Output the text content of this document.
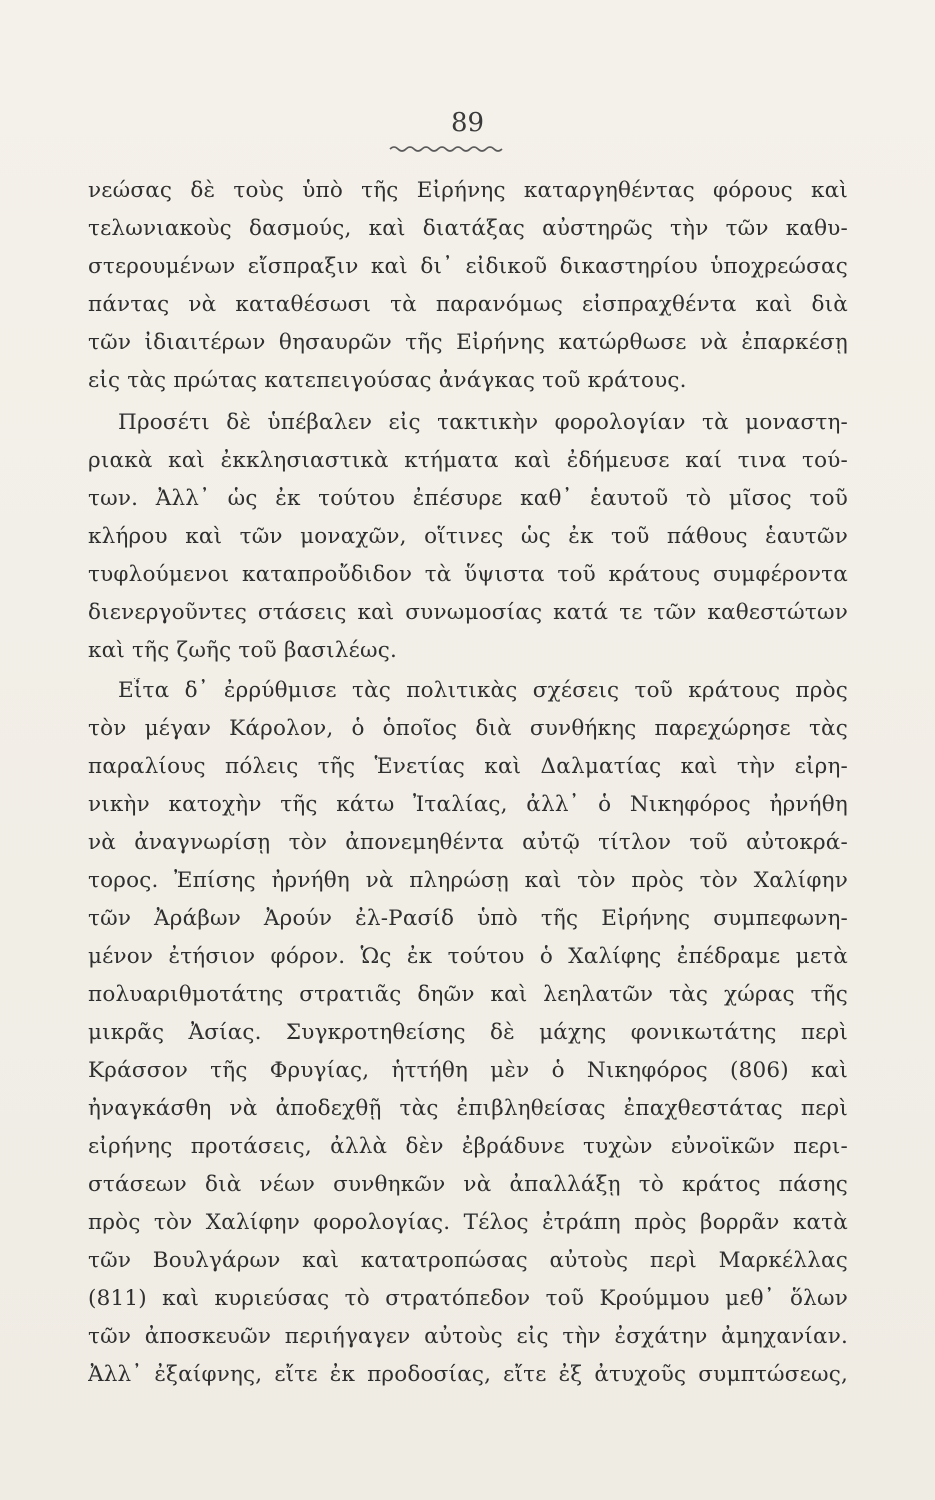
89
νεώσας δὲ τοὺς ὑπὸ τῆς Εἰρήνης καταργηθέντας φόρους καὶ
τελωνιακοὺς δασμούς, καὶ διατάξας αὐστηρῶς τὴν τῶν καθυ-
στερουμένων εἴσπραξιν καὶ δι᾽ εἰδικοῦ δικαστηρίου ὑποχρεώσας
πάντας νὰ καταθέσωσι τὰ παρανόμως εἰσπραχθέντα καὶ διὰ
τῶν ἰδιαιτέρων θησαυρῶν τῆς Εἰρήνης κατώρθωσε νὰ ἐπαρκέσῃ
εἰς τὰς πρώτας κατεπειγούσας ἀνάγκας τοῦ κράτους.
Προσέτι δὲ ὑπέβαλεν εἰς τακτικὴν φορολογίαν τὰ μοναστη-
ριακὰ καὶ ἐκκλησιαστικὰ κτήματα καὶ ἐδήμευσε καί τινα τού-
των. Ἀλλ᾽ ὡς ἐκ τούτου ἐπέσυρε καθ᾽ ἑαυτοῦ τὸ μῖσος τοῦ
κλήρου καὶ τῶν μοναχῶν, οἵτινες ὡς ἐκ τοῦ πάθους ἑαυτῶν
τυφλούμενοι καταπροὔδιδον τὰ ὕψιστα τοῦ κράτους συμφέροντα
διενεργοῦντες στάσεις καὶ συνωμοσίας κατά τε τῶν καθεστώτων
καὶ τῆς ζωῆς τοῦ βασιλέως.
Εἶτα δ᾽ ἐρρύθμισε τὰς πολιτικὰς σχέσεις τοῦ κράτους πρὸς
τὸν μέγαν Κάρολον, ὁ ὁποῖος διὰ συνθήκης παρεχώρησε τὰς
παραλίους πόλεις τῆς Ἑνετίας καὶ Δαλματίας καὶ τὴν εἰρη-
νικὴν κατοχὴν τῆς κάτω Ἰταλίας, ἀλλ᾽ ὁ Νικηφόρος ἠρνήθη
νὰ ἀναγνωρίσῃ τὸν ἀπονεμηθέντα αὐτῷ τίτλον τοῦ αὐτοκρά-
τορος. Ἐπίσης ἠρνήθη νὰ πληρώσῃ καὶ τὸν πρὸς τὸν Χαλίφην
τῶν Ἀράβων Ἀρούν ἐλ-Ρασίδ ὑπὸ τῆς Εἰρήνης συμπεφωνη-
μένον ἐτήσιον φόρον. Ὡς ἐκ τούτου ὁ Χαλίφης ἐπέδραμε μετὰ
πολυαριθμοτάτης στρατιᾶς δηῶν καὶ λεηλατῶν τὰς χώρας τῆς
μικρᾶς Ἀσίας. Συγκροτηθείσης δὲ μάχης φονικωτάτης περὶ
Κράσσον τῆς Φρυγίας, ἡττήθη μὲν ὁ Νικηφόρος (806) καὶ
ἠναγκάσθη νὰ ἀποδεχθῇ τὰς ἐπιβληθείσας ἐπαχθεστάτας περὶ
εἰρήνης προτάσεις, ἀλλὰ δὲν ἐβράδυνε τυχὼν εὐνοϊκῶν περι-
στάσεων διὰ νέων συνθηκῶν νὰ ἀπαλλάξῃ τὸ κράτος πάσης
πρὸς τὸν Χαλίφην φορολογίας. Τέλος ἐτράπη πρὸς βορρᾶν κατὰ
τῶν Βουλγάρων καὶ κατατροπώσας αὐτοὺς περὶ Μαρκέλλας
(811) καὶ κυριεύσας τὸ στρατόπεδον τοῦ Κρούμμου μεθ᾽ ὅλων
τῶν ἀποσκευῶν περιήγαγεν αὐτοὺς εἰς τὴν ἐσχάτην ἀμηχανίαν.
Ἀλλ᾽ ἐξαίφνης, εἴτε ἐκ προδοσίας, εἴτε ἐξ ἀτυχοῦς συμπτώσεως,
